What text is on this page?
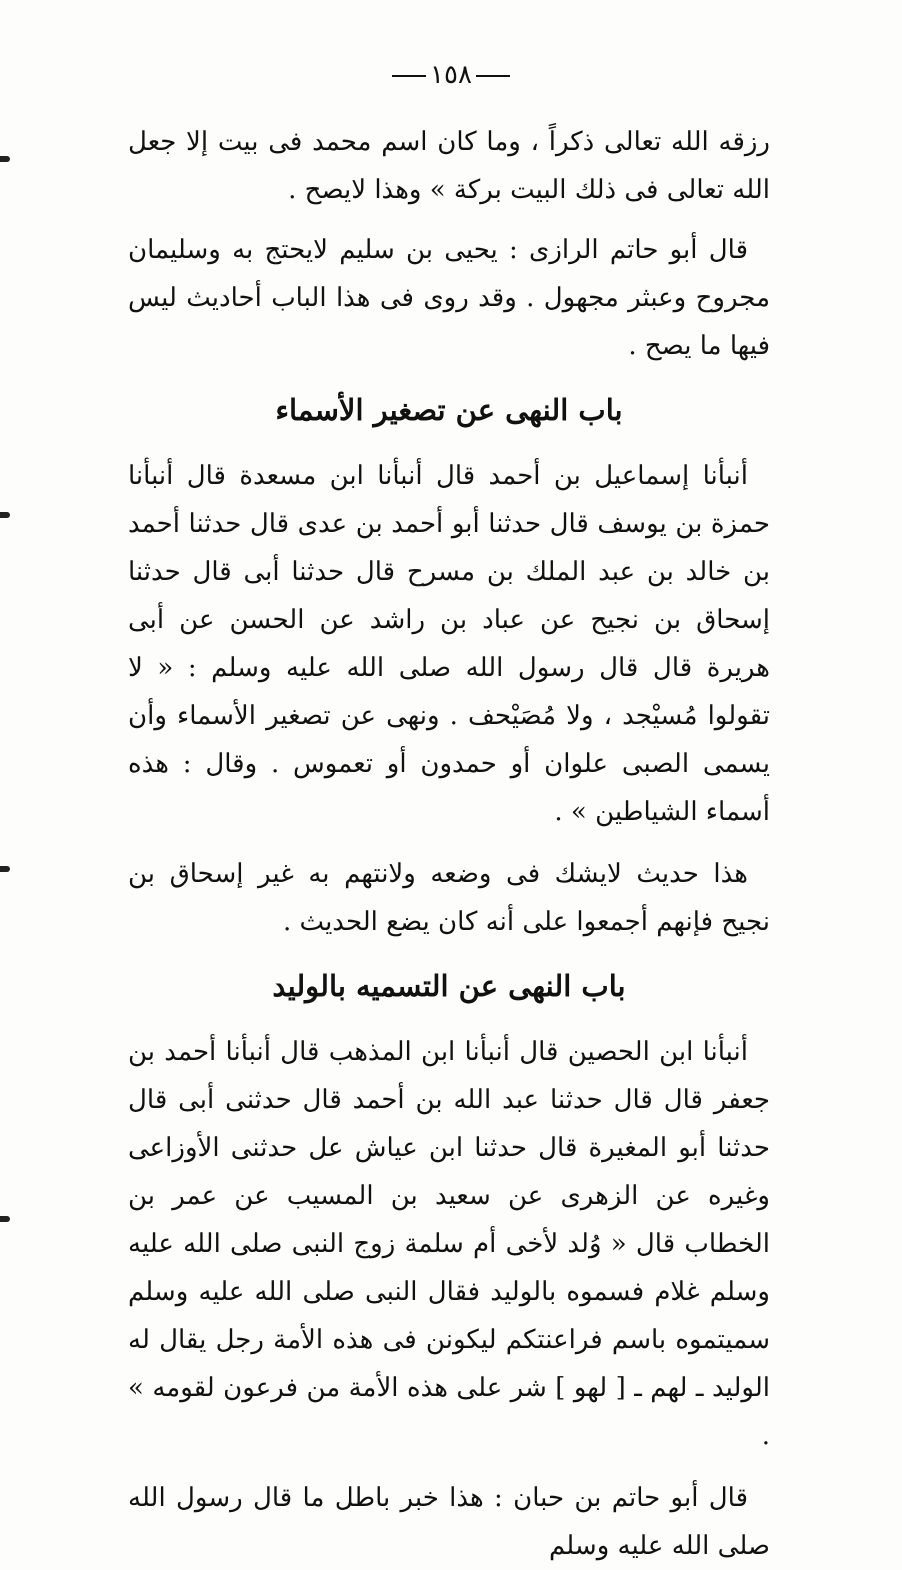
١٥٨

رزقه الله تعالى ذكراً ، وما كان اسم محمد فى بيت إلا جعل الله تعالى فى ذلك البيت بركة » وهذا لايصح .

قال أبو حاتم الرازى : يحيى بن سليم لايحتج به وسليمان مجروح وعبثر مجهول . وقد روى فى هذا الباب أحاديث ليس فيها ما يصح .

باب النهى عن تصغير الأسماء

أنبأنا إسماعيل بن أحمد قال أنبأنا ابن مسعدة قال أنبأنا حمزة بن يوسف قال حدثنا أبو أحمد بن عدى قال حدثنا أحمد بن خالد بن عبد الملك بن مسرح قال حدثنا أبى قال حدثنا إسحاق بن نجيح عن عباد بن راشد عن الحسن عن أبى هريرة قال قال رسول الله صلى الله عليه وسلم : « لا تقولوا مُسيْجد ، ولا مُصَيْحف . ونهى عن تصغير الأسماء وأن يسمى الصبى علوان أو حمدون أو تعموس . وقال : هذه أسماء الشياطين » .

هذا حديث لايشك فى وضعه ولانتهم به غير إسحاق بن نجيح فإنهم أجمعوا على أنه كان يضع الحديث .

باب النهى عن التسميه بالوليد

أنبأنا ابن الحصين قال أنبأنا ابن المذهب قال أنبأنا أحمد بن جعفر قال قال حدثنا عبد الله بن أحمد قال حدثنى أبى قال حدثنا أبو المغيرة قال حدثنا ابن عياش عل حدثنى الأوزاعى وغيره عن الزهرى عن سعيد بن المسيب عن عمر بن الخطاب قال « وُلد لأخى أم سلمة زوج النبى صلى الله عليه وسلم غلام فسموه بالوليد فقال النبى صلى الله عليه وسلم سميتموه باسم فراعنتكم ليكونن فى هذه الأمة رجل يقال له الوليد ـ لهم ـ [ لهو ] شر على هذه الأمة من فرعون لقومه » .

قال أبو حاتم بن حبان : هذا خبر باطل ما قال رسول الله صلى الله عليه وسلم
